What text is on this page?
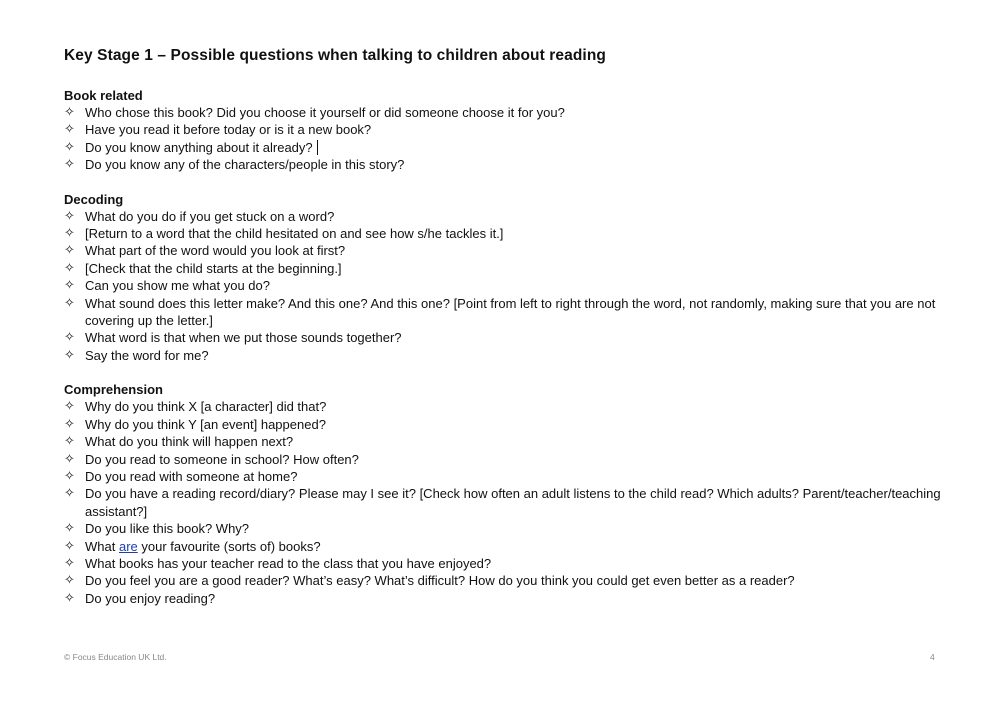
Key Stage 1 – Possible questions when talking to children about reading
Book related
✧ Who chose this book? Did you choose it yourself or did someone choose it for you?
✧ Have you read it before today or is it a new book?
✧ Do you know anything about it already?
✧ Do you know any of the characters/people in this story?
Decoding
✧ What do you do if you get stuck on a word?
✧ [Return to a word that the child hesitated on and see how s/he tackles it.]
✧ What part of the word would you look at first?
✧ [Check that the child starts at the beginning.]
✧ Can you show me what you do?
✧ What sound does this letter make? And this one? And this one? [Point from left to right through the word, not randomly, making sure that you are not covering up the letter.]
✧ What word is that when we put those sounds together?
✧ Say the word for me?
Comprehension
✧ Why do you think X [a character] did that?
✧ Why do you think Y [an event] happened?
✧ What do you think will happen next?
✧ Do you read to someone in school? How often?
✧ Do you read with someone at home?
✧ Do you have a reading record/diary? Please may I see it? [Check how often an adult listens to the child read? Which adults? Parent/teacher/teaching assistant?]
✧ Do you like this book? Why?
✧ What are your favourite (sorts of) books?
✧ What books has your teacher read to the class that you have enjoyed?
✧ Do you feel you are a good reader? What’s easy? What’s difficult? How do you think you could get even better as a reader?
✧ Do you enjoy reading?
© Focus Education UK Ltd.	4
